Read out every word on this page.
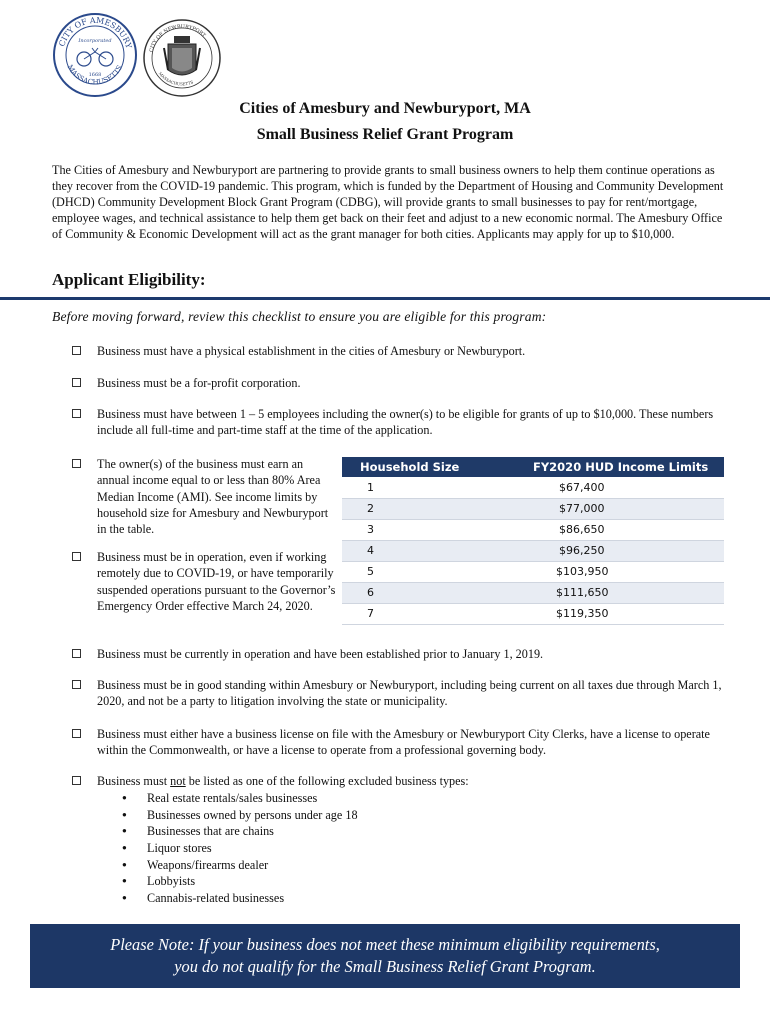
CITY OF AMESBURY
MASSACHUSETTS
Incorporated
1668
CITY OF NEWBURYPORT
MASSACHUSETTS
Cities of Amesbury and Newburyport, MA
Small Business Relief Grant Program

The Cities of Amesbury and Newburyport are partnering to provide grants to small business owners to help them continue operations as they recover from the COVID-19 pandemic. This program, which is funded by the Department of Housing and Community Development (DHCD) Community Development Block Grant Program (CDBG), will provide grants to small businesses to pay for rent/mortgage, employee wages, and technical assistance to help them get back on their feet and adjust to a new economic normal. The Amesbury Office of Community & Economic Development will act as the grant manager for both cities. Applicants may apply for up to $10,000.

Applicant Eligibility:
Before moving forward, review this checklist to ensure you are eligible for this program:
Business must have a physical establishment in the cities of Amesbury or Newburyport.
Business must be a for-profit corporation.
Business must have between 1 – 5 employees including the owner(s) to be eligible for grants of up to $10,000. These numbers include all full-time and part-time staff at the time of the application.
The owner(s) of the business must earn an annual income equal to or less than 80% Area Median Income (AMI). See income limits by household size for Amesbury and Newburyport in the table.
Business must be in operation, even if working remotely due to COVID-19, or have temporarily suspended operations pursuant to the Governor’s Emergency Order effective March 24, 2020.
Business must be currently in operation and have been established prior to January 1, 2019.
Business must be in good standing within Amesbury or Newburyport, including being current on all taxes due through March 1, 2020, and not be a party to litigation involving the state or municipality.
Business must either have a business license on file with the Amesbury or Newburyport City Clerks, have a license to operate within the Commonwealth, or have a license to operate from a professional governing body.
Business must not be listed as one of the following excluded business types:
● Real estate rentals/sales businesses
● Businesses owned by persons under age 18
● Businesses that are chains
● Liquor stores
● Weapons/firearms dealer
● Lobbyists
● Cannabis-related businesses
Household Size	FY2020 HUD Income Limits
1	$67,400
2	$77,000
3	$86,650
4	$96,250
5	$103,950
6	$111,650
7	$119,350
Please Note: If your business does not meet these minimum eligibility requirements,
you do not qualify for the Small Business Relief Grant Program.
